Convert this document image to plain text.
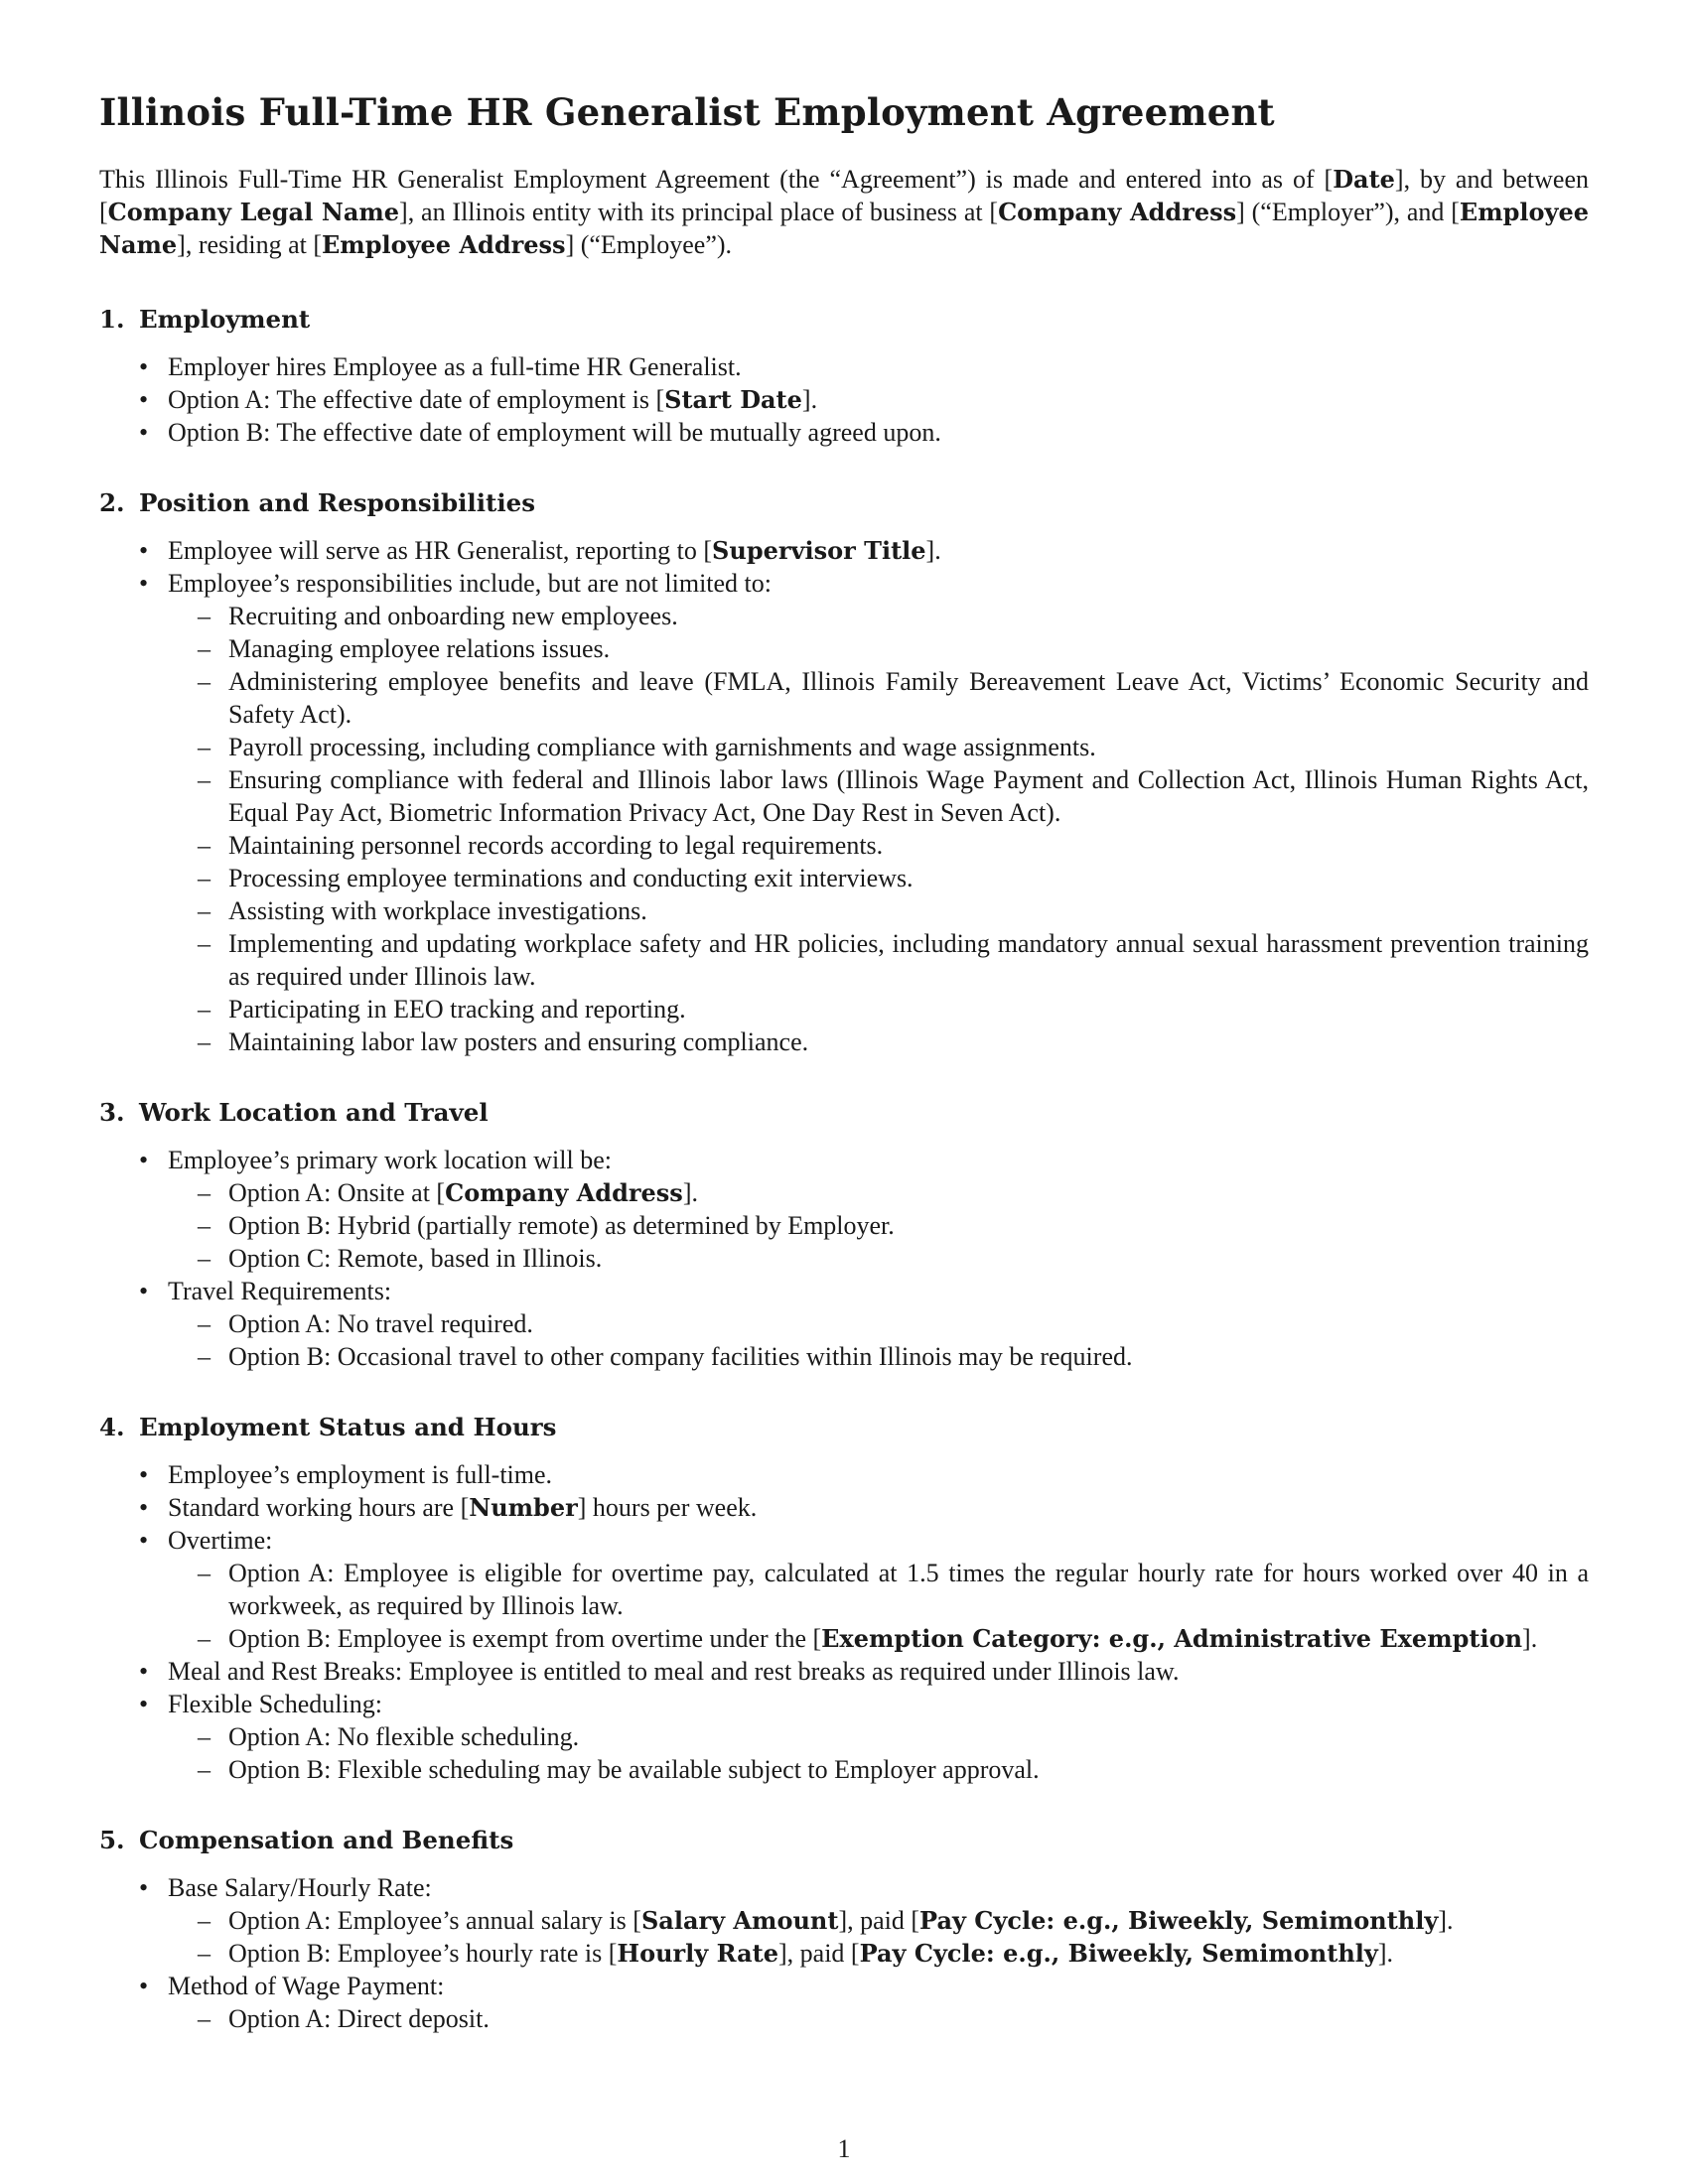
Illinois Full-Time HR Generalist Employment Agreement

This Illinois Full-Time HR Generalist Employment Agreement (the “Agreement”) is made and entered into as of [Date], by and between [Company Legal Name], an Illinois entity with its principal place of business at [Company Address] (“Employer”), and [Employee Name], residing at [Employee Address] (“Employee”).

1. Employment
• Employer hires Employee as a full-time HR Generalist.
• Option A: The effective date of employment is [Start Date].
• Option B: The effective date of employment will be mutually agreed upon.
2. Position and Responsibilities
• Employee will serve as HR Generalist, reporting to [Supervisor Title].
• Employee’s responsibilities include, but are not limited to:
– Recruiting and onboarding new employees.
– Managing employee relations issues.
– Administering employee benefits and leave (FMLA, Illinois Family Bereavement Leave Act, Victims’ Economic Security and Safety Act).
– Payroll processing, including compliance with garnishments and wage assignments.
– Ensuring compliance with federal and Illinois labor laws (Illinois Wage Payment and Collection Act, Illinois Human Rights Act, Equal Pay Act, Biometric Information Privacy Act, One Day Rest in Seven Act).
– Maintaining personnel records according to legal requirements.
– Processing employee terminations and conducting exit interviews.
– Assisting with workplace investigations.
– Implementing and updating workplace safety and HR policies, including mandatory annual sexual harassment prevention training as required under Illinois law.
– Participating in EEO tracking and reporting.
– Maintaining labor law posters and ensuring compliance.
3. Work Location and Travel
• Employee’s primary work location will be:
– Option A: Onsite at [Company Address].
– Option B: Hybrid (partially remote) as determined by Employer.
– Option C: Remote, based in Illinois.
• Travel Requirements:
– Option A: No travel required.
– Option B: Occasional travel to other company facilities within Illinois may be required.
4. Employment Status and Hours
• Employee’s employment is full-time.
• Standard working hours are [Number] hours per week.
• Overtime:
– Option A: Employee is eligible for overtime pay, calculated at 1.5 times the regular hourly rate for hours worked over 40 in a workweek, as required by Illinois law.
– Option B: Employee is exempt from overtime under the [Exemption Category: e.g., Administrative Exemption].
• Meal and Rest Breaks: Employee is entitled to meal and rest breaks as required under Illinois law.
• Flexible Scheduling:
– Option A: No flexible scheduling.
– Option B: Flexible scheduling may be available subject to Employer approval.
5. Compensation and Benefits
• Base Salary/Hourly Rate:
– Option A: Employee’s annual salary is [Salary Amount], paid [Pay Cycle: e.g., Biweekly, Semimonthly].
– Option B: Employee’s hourly rate is [Hourly Rate], paid [Pay Cycle: e.g., Biweekly, Semimonthly].
• Method of Wage Payment:
– Option A: Direct deposit.
1
